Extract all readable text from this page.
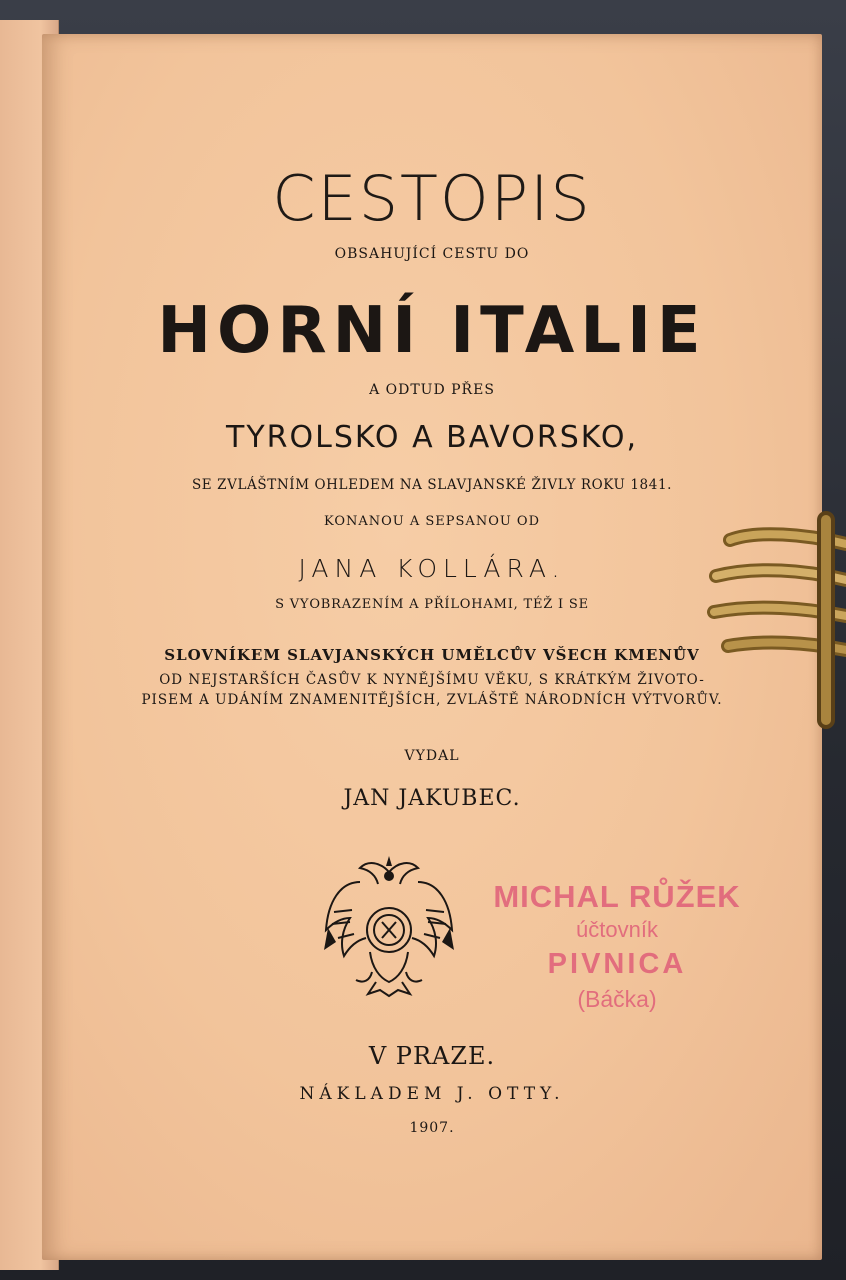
CESTOPIS
OBSAHUJÍCÍ CESTU DO
HORNÍ ITALIE
A ODTUD PŘES
TYROLSKO A BAVORSKO,
SE ZVLÁŠTNÍM OHLEDEM NA SLAVJANSKÉ ŽIVLY ROKU 1841.
KONANOU A SEPSANOU OD
JANA KOLLÁRA.
S VYOBRAZENÍM A PŘÍLOHAMI, TÉŽ I SE
SLOVNÍKEM SLAVJANSKÝCH UMĚLCŮV VŠECH KMENŮV
OD NEJSTARŠÍCH ČASŮV K NYNĚJŠÍMU VĚKU, S KRÁTKÝM ŽIVOTO-
PISEM A UDÁNÍM ZNAMENITĚJŠÍCH, ZVLÁŠTĚ NÁRODNÍCH VÝTVORŮV.
VYDAL
JAN JAKUBEC.
MICHAL RŮŽEK
účtovník
PIVNICA
(Báčka)
V PRAZE.
NÁKLADEM J. OTTY.
1907.
